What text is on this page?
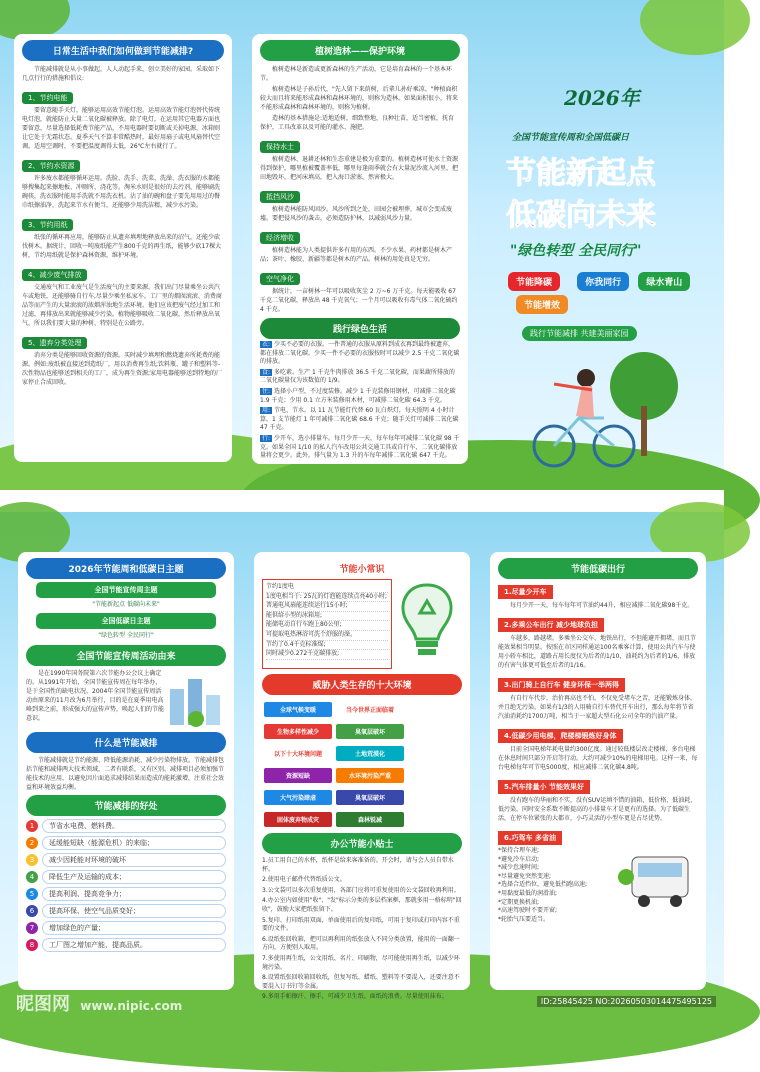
日常生活中我们如何做到节能减排?
节能减排就是从小事做起，人人动起手来，创立美好的家园。采取如下几点行行的措施和倡议:
1、节约电能
要留意随手关灯，能够运用高效节能灯泡。运用高效节能灯泡替代传统电灯泡，就能防止大量二氧化碳被释放。除了电灯，在运用其它电器方面也要留意，尽量选择低耗费节能产品，不用电器时要切断或关掉电源，冰箱则让它处于无霜状态。夏季天气不算非常酷热时，最好用扇子或电风扇替代空调。适用空调时，不要把温度调得太低，26℃左右就行了。
2、节约水资源
许多废水都能够循环运用。洗脸、洗手、洗菜、洗澡、洗衣服的水都能够搜集起来擦地板、冲厕所、浇花等。淘米水则是很好的去污剂，能够刷洗碗筷，洗衣服时能用手洗就不用洗衣机。沾了油的碗和盘子要先用用过的餐巾纸擦油净，洗起来节水有便当，还能够少用洗洁精，减少水污染。
3、节约用纸
纸张的循环再应用，能够防止从遗弃填埋地释放出来的沼气，还能少砍伐树木。据统计，回收一吨废纸能产生800千克的再生纸，能够少砍17棵大树，节约用纸就是保护森林资源，维护环境。
4、减少废气排放
交通废气和工业废气是生活废气的主要来源。我们出门尽量乘坐公共汽车或地铁，还能够骑自行车,尽量少乘坐私家车。工厂里的烟囱滚滚、消费商品等而产生的大量滚滚的浓烟浑浊地生活环境。他们应该把废气经过加工和过滤，再排放出来就能够减少污染。植物能够吸收二氧化碳，然后释放出氧气，所以我们要大量的种树，特别是在公路旁。
5、遗弃分类处理
消弃分类是能够回收资源的资源。买时减少填埋和燃烧遗弃所耗费的能源。例如:废纸被直接送到造纸厂，用以消费再生纸;饮料瓶、罐子和塑料等-次性物品也能够送到相关的工厂，成为再生资源;家用电器能够送到特地的厂家停止合成回收。
植树造林——保护环境
植树造林是新造或更新森林的生产活动，它是培育森林的一个基本环节。
植树造林是子孙后代，"先人留下来荫树，后辈儿孙好乘凉。"种植面积较大而且将来能形成森林和森林环境的，则称为造林。如果面积很小，将来不能形成森林和森林环境的，则称为植树。
造林的基本措施是:适地适树，细致整地，良种壮苗，适当密植，抚育保护，工具改革以及可能的灌水、施肥。
保持水土
植树造林、退耕还林和生态重建是极为重要的。植树造林可使水土资源得到保护，哪里植被覆盖率低，哪里每逢雨季就会有大量泥沙流入河里，把田地毁坏，把河床填高，把入海口淤塞，然害极大。
抵挡风沙
植树造林能防风固沙。风沙所到之处，田园会被埋葬，城市会变成废墟。要把侵风沙的袭击，必须造防护林，以减弱风沙力量。
经济增收
植树造林能为人类提供许多有用的东西。不少水果、药材都是树木产品；茶叶、橡胶、新疆等都是树木的产品。树林的用处真是无穷。
空气净化
据统计，一亩树林一年可以吸收灰尘 2 万~6 万千克。每天能吸收 67 千克二氧化碳，释放出 48 千克氧气；一个月可以吸收有毒气体二氧化硫约 4 千克。
践行绿色生活
衣: 少买不必要的衣服。一件普通的衣服从原料到成衣再到最终被遗弃，都在排放二氧化碳。少买一件不必要的衣服按时可以减少 2.5 千克二氧化碳的排放。
食: 多吃素。生产 1 千克牛肉排放 36.5 千克二氧化碳，而果蔬所排放的二氧化碳量仅为该数值的 1/9。
住: 选择小户型，不过度装修。减少 1 千克装修用钢材，可减排二氧化碳 1.9 千克；少用 0.1 立方米装修用木材，可减排二氧化碳 64.3 千克。
用: 节电、节水。以 11 瓦节能灯代替 60 瓦白炽灯，每天照明 4 小时计算，1 支节能灯 1 年可减排二氧化碳 68.6 千克；随手关灯可减排二氧化碳 47 千克。
行: 少开车，选小排量车。每月少开一天，每车每年可减排二氧化碳 98 千克。如果全国 1/10 的私人汽车改用公共交通工具或自行车，二氧化碳排放量将会更少。此外，排气量为 1.3 升的车每年减排二氧化碳 647 千克。
2026年
全国节能宣传周和全国低碳日
节能新起点
低碳向未来
"绿色转型 全民同行"
节能降碳	你我同行	绿水青山 节能增效
践行节能减排 共建美丽家园
2026年节能周和低碳日主题
全国节能宣传周主题
"节能新起点 低碳向未来"
全国低碳日主题
"绿色转型 全民同行"
全国节能宣传周活动由来
是在1990年国务院第六次节能办公会议上确定的。从1991年开始，全国节能宣传周在每年举办，是于全国性的缺电状况，2004年全国节能宣传周活动由原来的11月改为6月举行，目的是在夏季用电高峰到来之前，形成强大的宣传声势，唤起人们的节能意识。
什么是节能减排
节能减排就是节约能源、降低能源消耗、减少污染物排放。节能减排包括节能和减排两大技术领域，二者有联系，又有区别。减排项目必须加强节能技术的应用，以避免因片面追求减排结果而造成的能耗激增，注重社会效益和环境效益均衡。
节能减排的好处
1	节省水电费、燃料费。
2	延缓能短缺（能源危机）的来临；
3	减少因耗能对环境的破坏
4	降低生产及运输的成本；
5	提高利润、提高竞争力；
6	提高环保、使空气品质变好；
7	增加绿色的产量；
8	工厂图之增加产能、提高品质。
节能小常识
节约1度电
1度电相当于: 25瓦的灯泡能连续点亮40小时;
普通电风扇能连续运行15小时;
能供给小型的冰箱用;
能储电动自行车跑上80公里;
可提取电热淋浴可洗个舒服的澡。
节约了0.4千克标准煤;
同时减少0.272千克碳排放;
威胁人类生存的十大环境
全球气候变暖	当今世界正面临着生物多样性减少	臭氧层破坏以下十大环境问题	土地荒漠化资源短缺	水环境污染严重大气污染肆虐	臭氧层破坏固体废弃物成灾	森林锐减
办公节能小贴士
1.员工用自己的水杯，纸杯是给来客准备的。开会时，请与会人员自带水杯。
2.使用电子邮件代替纸质公文。
3.公文袋可以多次重复使用，各部门应将可重复使用的公文袋回收再利用。
4.办公室内如使用"收"、"发"标示分类的多层档案框，那就多用一格标明"回收"，鼓励大家把纸张留下。
5.复印、打印纸用双面，单面使用后的复印纸，可用于复印或打印内容不重要的文件。
6.设纸张回收箱，把可以再利用的纸张放入不同分类放置，能用的一面翻一方向，方便别人取用。
7.多使用再生纸，公文用纸、名片、印刷物，尽可能使用再生纸，以减少环境污染。
8.设置纸张回收箱回收纸，但复写纸、蜡纸、塑料等不要混入，还要注意不要混入订书钉等金属。
9.多用手帕擦汗、擦手，可减少卫生纸、面纸的浪费。尽量使用抹布。
节能低碳出行
1.尽量少开车
每月少开一天，每车每年可节油约44升，相应减排二氧化碳98千克。
2.多乘公车出行 减少地球负担
车越多，路越堵。多乘坐公交车、地铁出行，不但能避开拥堵，而且节能效果相当明显。按照在市区同样通运100名乘客计算，使用公共汽车与使用小轿车相比，道路占用长度仅为后者的1/10，油耗约为后者的1/6，排放的有害气体更可低至后者的1/16。
3.出门骑上自行车 健身环保一举两得
有自行车代步，治价再高也不怕。不仅免受堵车之苦，还能锻炼身体，并且绝无污染。如果有1/3的人用骑自行车替代开车出行，那么每年将节省汽油消耗约1700万吨，相当于一家超大型石化公司全年的汽油产量。
4.低碳少用电梯，爬楼梯锻炼好身体
目前全国电梯年耗电量约300亿度。通过较低楼层改走楼梯，多台电梯在休息时间只部分开启等行动，大约可减少10%的电梯用电。这样一来，每台电梯每年可节电5000度，相应减排二氧化碳4.8吨。
5.汽车排量小 节能效果好
没有跑车的华丽和不实，没有SUV运填不惜的油箱，低价格、低油耗、低污染，同时安全系数不断提高的小排量车才是更有的选择。为了低碳生活，在停车位紧张的大都市，小巧灵活的小型车更是占尽优势。
6.巧驾车 多省油
*保持合理车速;
*避免冷车启动;
*减少怠速时间;
*尽量避免突然变速;
*选择合适挡位，避免低挡跑高速;
*用黏度最低的润滑油;
*定期更换机油;
*高速驾驶时不要开窗;
*轮胎气压要适当。
昵图网 www.nipic.com	ID:25845425 NO:20260503014475495125
